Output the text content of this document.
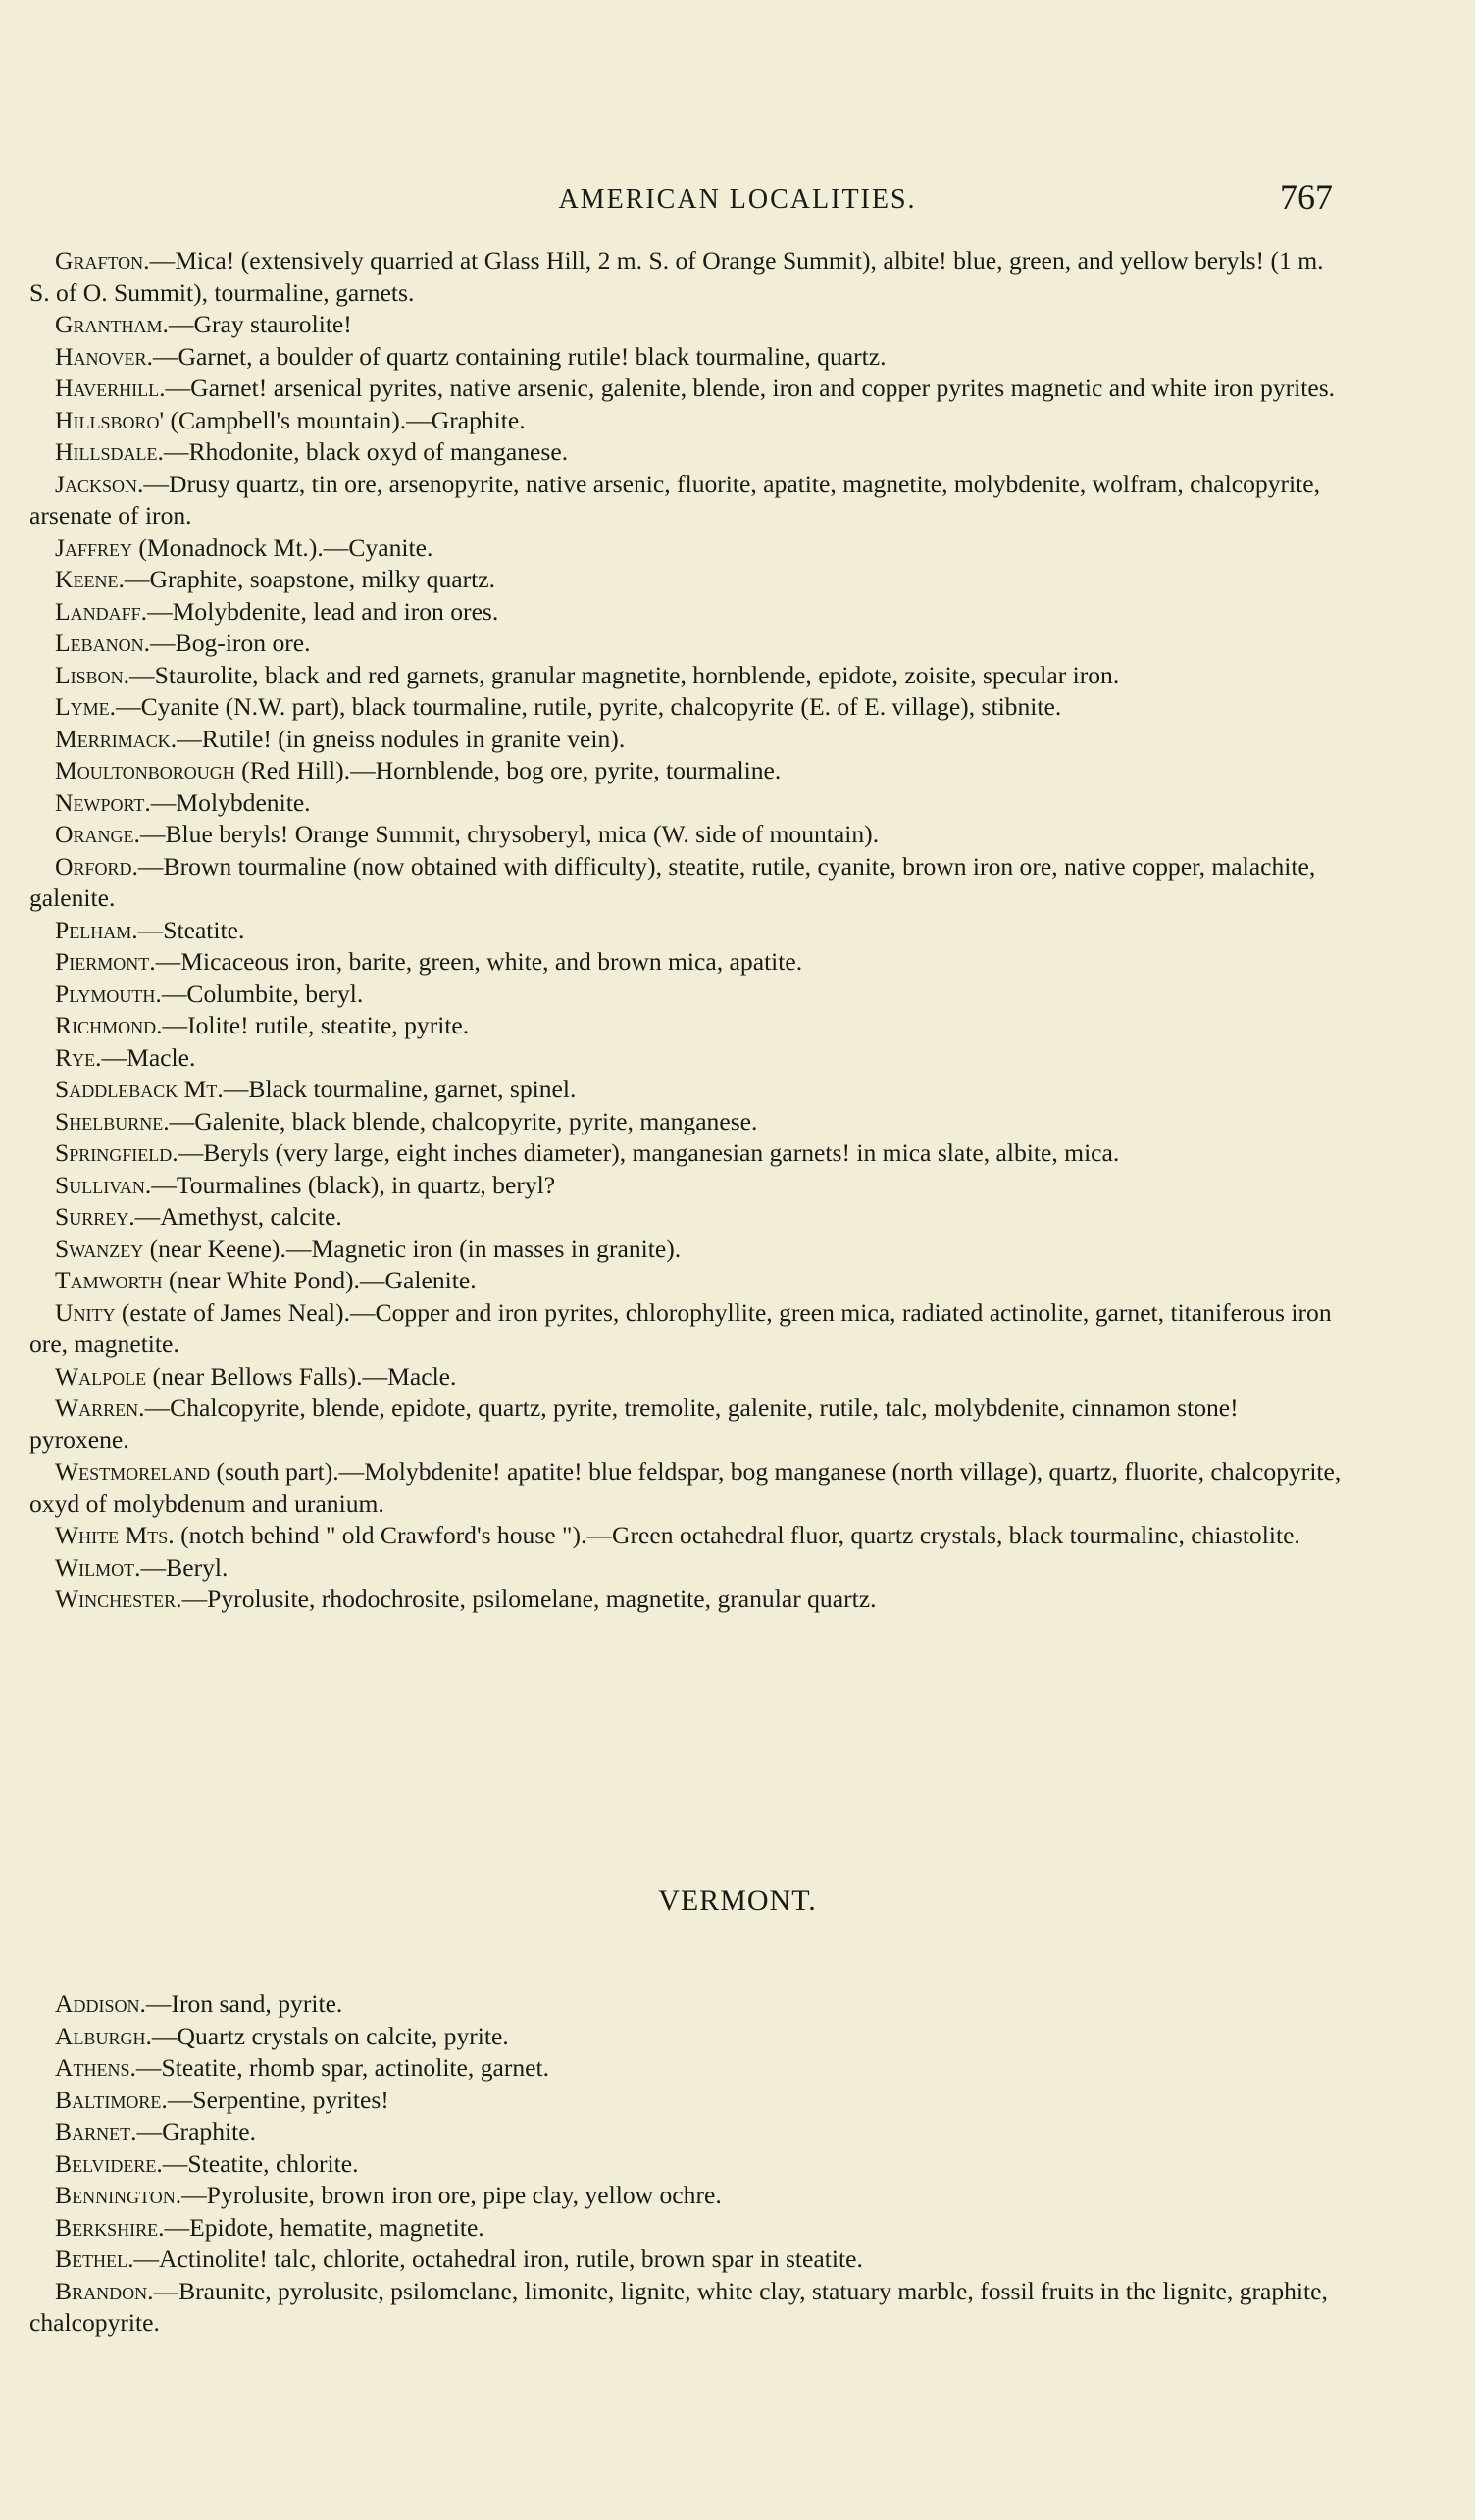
AMERICAN LOCALITIES.	767

Grafton.—Mica! (extensively quarried at Glass Hill, 2 m. S. of Orange Summit), albite! blue, green, and yellow beryls! (1 m. S. of O. Summit), tourmaline, garnets.

Grantham.—Gray staurolite!

Hanover.—Garnet, a boulder of quartz containing rutile! black tourmaline, quartz.

Haverhill.—Garnet! arsenical pyrites, native arsenic, galenite, blende, iron and copper pyrites magnetic and white iron pyrites.

Hillsboro' (Campbell's mountain).—Graphite.

Hillsdale.—Rhodonite, black oxyd of manganese.

Jackson.—Drusy quartz, tin ore, arsenopyrite, native arsenic, fluorite, apatite, magnetite, molybdenite, wolfram, chalcopyrite, arsenate of iron.

Jaffrey (Monadnock Mt.).—Cyanite.

Keene.—Graphite, soapstone, milky quartz.

Landaff.—Molybdenite, lead and iron ores.

Lebanon.—Bog-iron ore.

Lisbon.—Staurolite, black and red garnets, granular magnetite, hornblende, epidote, zoisite, specular iron.

Lyme.—Cyanite (N.W. part), black tourmaline, rutile, pyrite, chalcopyrite (E. of E. village), stibnite.

Merrimack.—Rutile! (in gneiss nodules in granite vein).

Moultonborough (Red Hill).—Hornblende, bog ore, pyrite, tourmaline.

Newport.—Molybdenite.

Orange.—Blue beryls! Orange Summit, chrysoberyl, mica (W. side of mountain).

Orford.—Brown tourmaline (now obtained with difficulty), steatite, rutile, cyanite, brown iron ore, native copper, malachite, galenite.

Pelham.—Steatite.

Piermont.—Micaceous iron, barite, green, white, and brown mica, apatite.

Plymouth.—Columbite, beryl.

Richmond.—Iolite! rutile, steatite, pyrite.

Rye.—Macle.

Saddleback Mt.—Black tourmaline, garnet, spinel.

Shelburne.—Galenite, black blende, chalcopyrite, pyrite, manganese.

Springfield.—Beryls (very large, eight inches diameter), manganesian garnets! in mica slate, albite, mica.

Sullivan.—Tourmalines (black), in quartz, beryl?

Surrey.—Amethyst, calcite.

Swanzey (near Keene).—Magnetic iron (in masses in granite).

Tamworth (near White Pond).—Galenite.

Unity (estate of James Neal).—Copper and iron pyrites, chlorophyllite, green mica, radiated actinolite, garnet, titaniferous iron ore, magnetite.

Walpole (near Bellows Falls).—Macle.

Warren.—Chalcopyrite, blende, epidote, quartz, pyrite, tremolite, galenite, rutile, talc, molybdenite, cinnamon stone! pyroxene.

Westmoreland (south part).—Molybdenite! apatite! blue feldspar, bog manganese (north village), quartz, fluorite, chalcopyrite, oxyd of molybdenum and uranium.

White Mts. (notch behind " old Crawford's house ").—Green octahedral fluor, quartz crystals, black tourmaline, chiastolite.

Wilmot.—Beryl.

Winchester.—Pyrolusite, rhodochrosite, psilomelane, magnetite, granular quartz.

VERMONT.

Addison.—Iron sand, pyrite.

Alburgh.—Quartz crystals on calcite, pyrite.

Athens.—Steatite, rhomb spar, actinolite, garnet.

Baltimore.—Serpentine, pyrites!

Barnet.—Graphite.

Belvidere.—Steatite, chlorite.

Bennington.—Pyrolusite, brown iron ore, pipe clay, yellow ochre.

Berkshire.—Epidote, hematite, magnetite.

Bethel.—Actinolite! talc, chlorite, octahedral iron, rutile, brown spar in steatite.

Brandon.—Braunite, pyrolusite, psilomelane, limonite, lignite, white clay, statuary marble, fossil fruits in the lignite, graphite, chalcopyrite.
